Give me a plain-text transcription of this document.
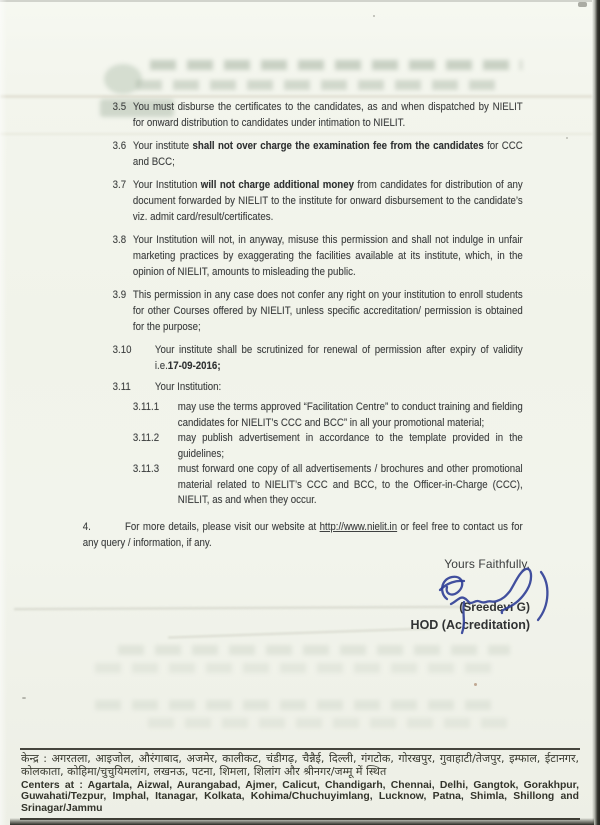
3.5 You must disburse the certificates to the candidates, as and when dispatched by NIELIT for onward distribution to candidates under intimation to NIELIT.

3.6 Your institute shall not over charge the examination fee from the candidates for CCC and BCC;

3.7 Your Institution will not charge additional money from candidates for distribution of any document forwarded by NIELIT to the institute for onward disbursement to the candidate’s viz. admit card/result/certificates.

3.8 Your Institution will not, in anyway, misuse this permission and shall not indulge in unfair marketing practices by exaggerating the facilities available at its institute, which, in the opinion of NIELIT, amounts to misleading the public.

3.9 This permission in any case does not confer any right on your institution to enroll students for other Courses offered by NIELIT, unless specific accreditation/ permission is obtained for the purpose;

3.10 Your institute shall be scrutinized for renewal of permission after expiry of validity i.e.17-09-2016;

3.11 Your Institution:

3.11.1 may use the terms approved “Facilitation Centre” to conduct training and fielding candidates for NIELIT’s CCC and BCC” in all your promotional material;

3.11.2 may publish advertisement in accordance to the template provided in the guidelines;

3.11.3 must forward one copy of all advertisements / brochures and other promotional material related to NIELIT’s CCC and BCC, to the Officer-in-Charge (CCC), NIELIT, as and when they occur.

4.	For more details, please visit our website at http://www.nielit.in or feel free to contact us for any query / information, if any.

Yours Faithfully,
(Sreedevi G)
HOD (Accreditation)
केन्द्र : अगरतला, आइजोल, औरंगाबाद, अजमेर, कालीकट, चंडीगढ़, चैन्नैई, दिल्ली, गंगटोक, गोरखपुर, गुवाहाटी/तेजपुर, इम्फाल, ईटानगर, कोलकाता, कोहिमा/चुचुयिमलांग, लखनऊ, पटना, शिमला, शिलांग और श्रीनगर/जम्मू में स्थित
Centers at : Agartala, Aizwal, Aurangabad, Ajmer, Calicut, Chandigarh, Chennai, Delhi, Gangtok, Gorakhpur, Guwahati/Tezpur, Imphal, Itanagar, Kolkata, Kohima/Chuchuyimlang, Lucknow, Patna, Shimla, Shillong and Srinagar/Jammu
